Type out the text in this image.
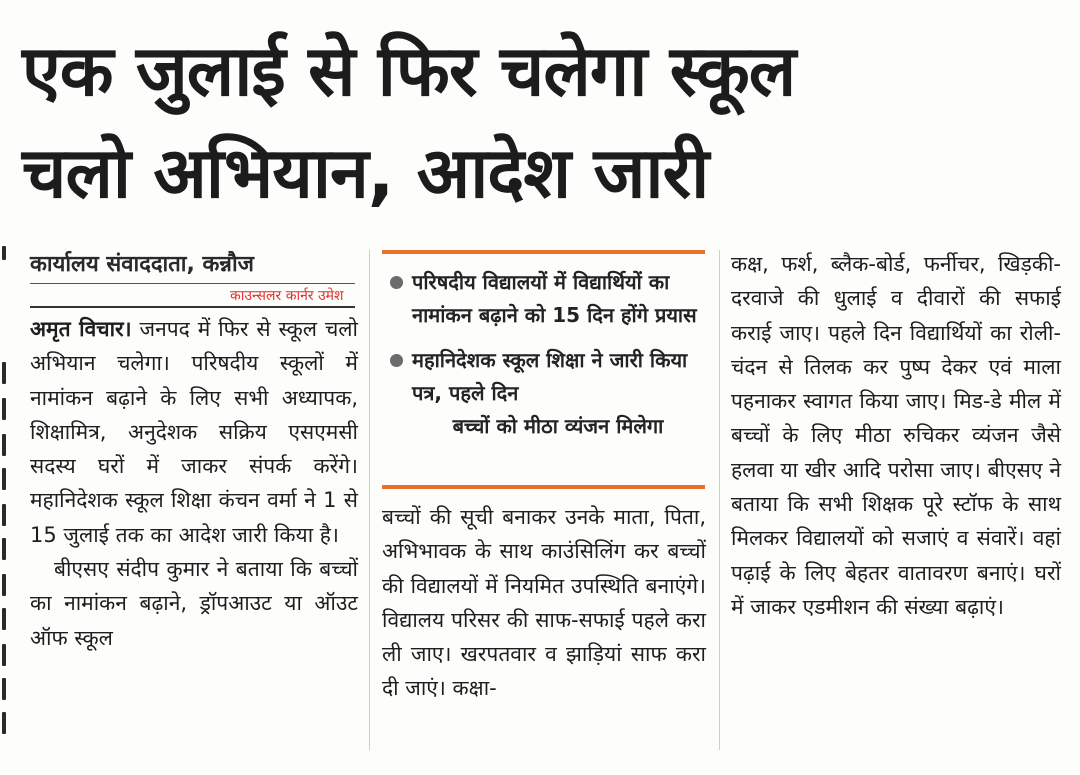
एक जुलाई से फिर चलेगा स्कूल
चलो अभियान, आदेश जारी
कार्यालय संवाददाता, कन्नौज
काउन्सलर कार्नर उमेश

अमृत विचार। जनपद में फिर से स्कूल चलो अभियान चलेगा। परिषदीय स्कूलों में नामांकन बढ़ाने के लिए सभी अध्यापक, शिक्षामित्र, अनुदेशक सक्रिय एसएमसी सदस्य घरों में जाकर संपर्क करेंगे। महानिदेशक स्कूल शिक्षा कंचन वर्मा ने 1 से 15 जुलाई तक का आदेश जारी किया है।

बीएसए संदीप कुमार ने बताया कि बच्चों का नामांकन बढ़ाने, ड्रॉपआउट या ऑउट ऑफ स्कूल

परिषदीय विद्यालयों में विद्यार्थियों का नामांकन बढ़ाने को 15 दिन होंगे प्रयास
महानिदेशक स्कूल शिक्षा ने जारी किया पत्र, पहले दिन
बच्चों को मीठा व्यंजन मिलेगा

बच्चों की सूची बनाकर उनके माता, पिता, अभिभावक के साथ काउंसिलिंग कर बच्चों की विद्यालयों में नियमित उपस्थिति बनाएंगे। विद्यालय परिसर की साफ-सफाई पहले करा ली जाए। खरपतवार व झाड़ियां साफ करा दी जाएं। कक्षा-

कक्ष, फर्श, ब्लैक-बोर्ड, फर्नीचर, खिड़की-दरवाजे की धुलाई व दीवारों की सफाई कराई जाए। पहले दिन विद्यार्थियों का रोली-चंदन से तिलक कर पुष्प देकर एवं माला पहनाकर स्वागत किया जाए। मिड-डे मील में बच्चों के लिए मीठा रुचिकर व्यंजन जैसे हलवा या खीर आदि परोसा जाए। बीएसए ने बताया कि सभी शिक्षक पूरे स्टॉफ के साथ मिलकर विद्यालयों को सजाएं व संवारें। वहां पढ़ाई के लिए बेहतर वातावरण बनाएं। घरों में जाकर एडमीशन की संख्या बढ़ाएं।
